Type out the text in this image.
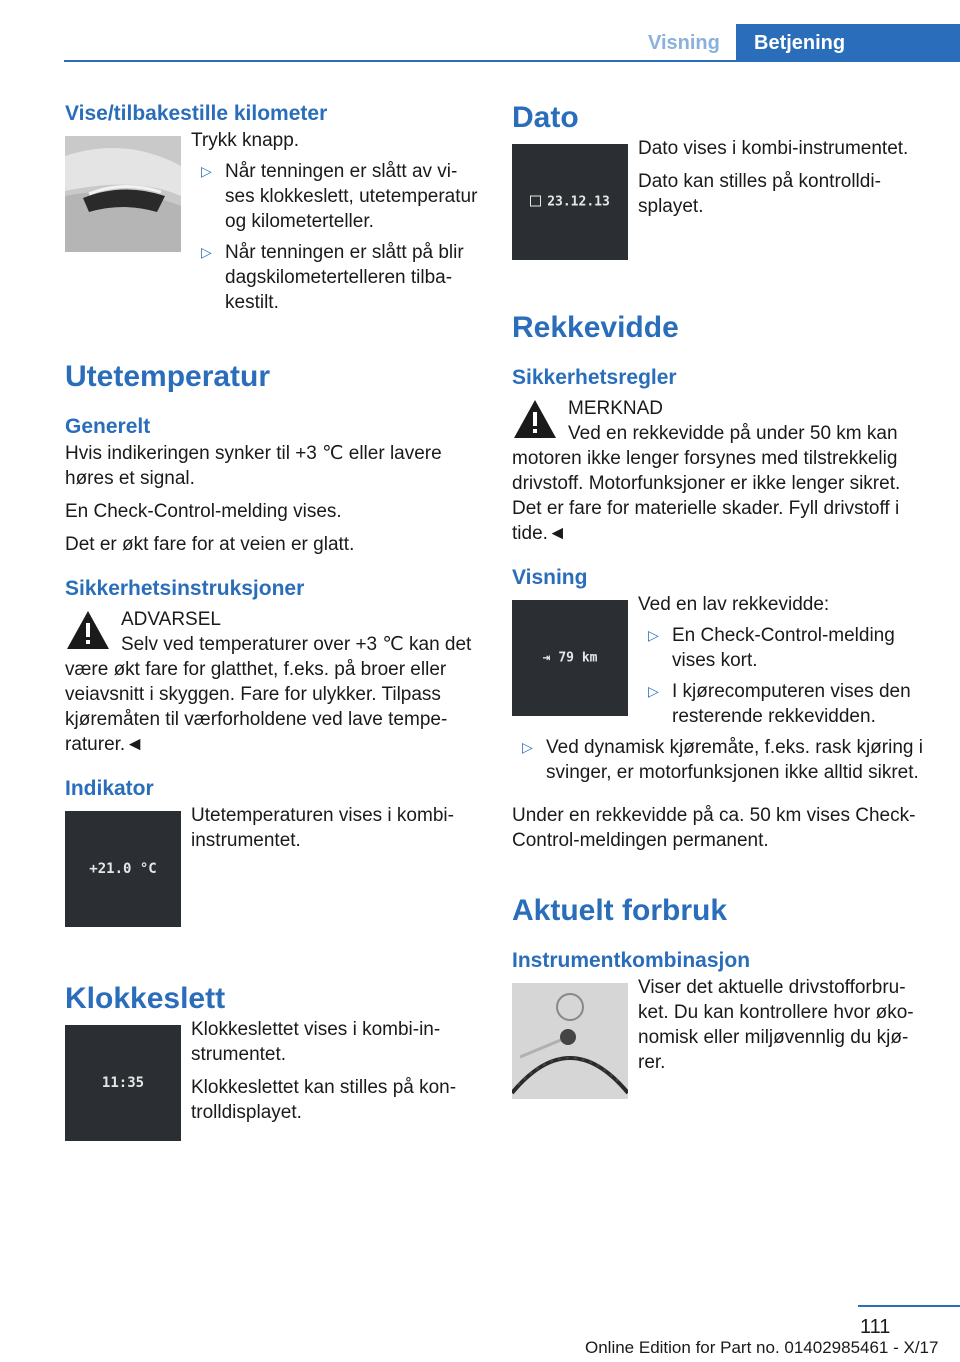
Visning	Betjening
Vise/tilbakestille kilometer

Trykk knapp.

▷ Når tenningen er slått av vises klokkeslett, utetemperatur og kilometerteller.
▷ Når tenningen er slått på blir dagskilometertelleren tilbakestilt.
Utetemperatur
Generelt

Hvis indikeringen synker til +3 ℃ eller lavere høres et signal.

En Check-Control-melding vises.

Det er økt fare for at veien er glatt.

Sikkerhetsinstruksjoner
ADVARSEL

Selv ved temperaturer over +3 ℃ kan det være økt fare for glatthet, f.eks. på broer eller veiavsnitt i skyggen. Fare for ulykker. Tilpass kjøremåten til værforholdene ved lave temperaturer.◄

Indikator
+21.0 °C

Utetemperaturen vises i kombiinstrumentet.

Klokkeslett
11:35

Klokkeslettet vises i kombi-instrumentet.

Klokkeslettet kan stilles på kontrolldisplayet.

Dato
23.12.13

Dato vises i kombi-instrumentet.

Dato kan stilles på kontrolldisplayet.

Rekkevidde
Sikkerhetsregler
MERKNAD

Ved en rekkevidde på under 50 km kan motoren ikke lenger forsynes med tilstrekkelig drivstoff. Motorfunksjoner er ikke lenger sikret. Det er fare for materielle skader. Fyll drivstoff i tide.◄

Visning
⇥ 79 km

Ved en lav rekkevidde:

▷ En Check-Control-melding vises kort.
▷ I kjørecomputeren vises den resterende rekkevidden.
▷ Ved dynamisk kjøremåte, f.eks. rask kjøring i svinger, er motorfunksjonen ikke alltid sikret.

Under en rekkevidde på ca. 50 km vises Check-Control-meldingen permanent.

Aktuelt forbruk
Instrumentkombinasjon

Viser det aktuelle drivstofforbruket. Du kan kontrollere hvor økonomisk eller miljøvennlig du kjører.

111
Online Edition for Part no. 01402985461 - X/17
